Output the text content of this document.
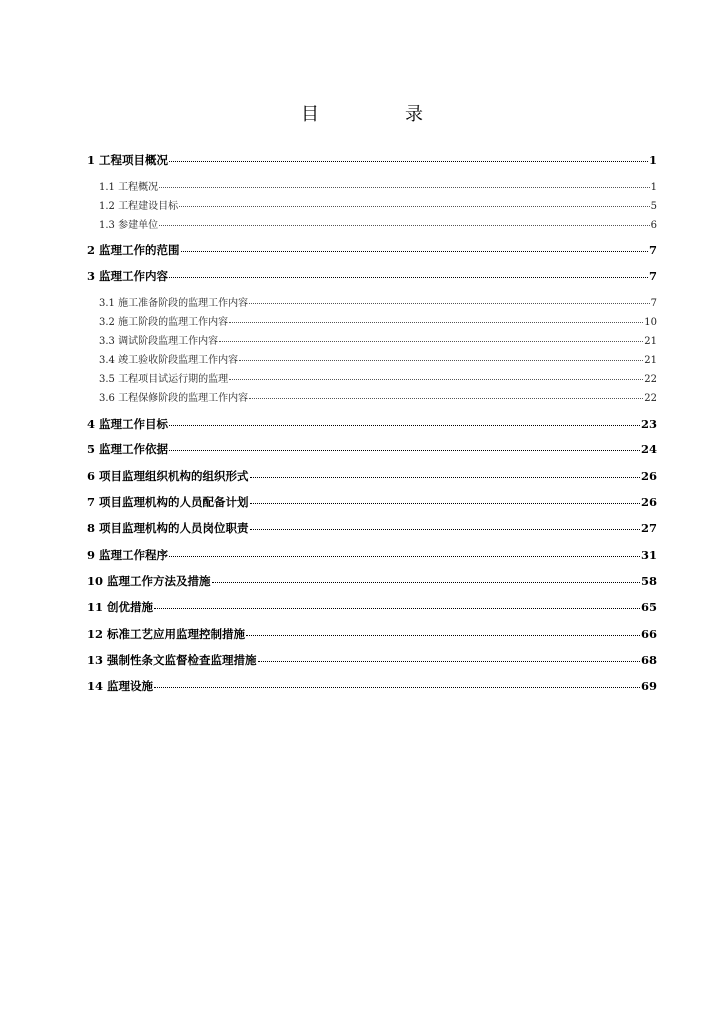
目　录
1 工程项目概况	1
1.1 工程概况	1
1.2 工程建设目标	5
1.3 参建单位	6
2 监理工作的范围	7
3 监理工作内容	7
3.1 施工准备阶段的监理工作内容	7
3.2 施工阶段的监理工作内容	10
3.3 调试阶段监理工作内容	21
3.4 竣工验收阶段监理工作内容	21
3.5 工程项目试运行期的监理	22
3.6 工程保修阶段的监理工作内容	22
4 监理工作目标	23
5 监理工作依据	24
6 项目监理组织机构的组织形式	26
7 项目监理机构的人员配备计划	26
8 项目监理机构的人员岗位职责	27
9 监理工作程序	31
10 监理工作方法及措施	58
11 创优措施	65
12 标准工艺应用监理控制措施	66
13 强制性条文监督检查监理措施	68
14 监理设施	69
